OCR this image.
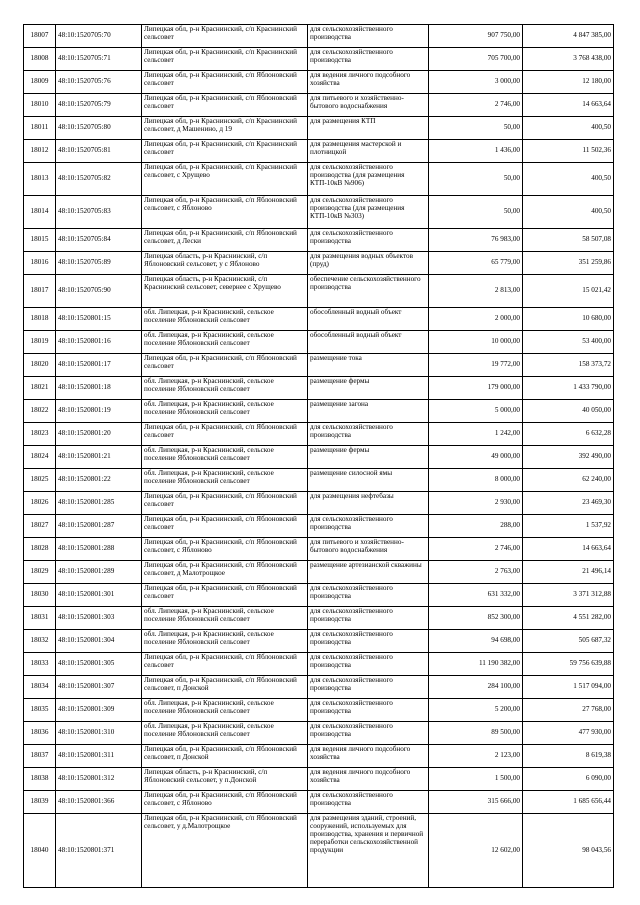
18007	48:10:1520705:70	Липецкая обл, р-н Краснинский, с/п Краснинский сельсовет	для сельскохозяйственного производства	907 750,00	4 847 385,00
18008	48:10:1520705:71	Липецкая обл, р-н Краснинский, с/п Краснинский сельсовет	для сельскохозяйственного производства	705 700,00	3 768 438,00
18009	48:10:1520705:76	Липецкая обл, р-н Краснинский, с/п Яблоновский сельсовет	для ведения личного подсобного хозяйства	3 000,00	12 180,00
18010	48:10:1520705:79	Липецкая обл, р-н Краснинский, с/п Яблоновский сельсовет	для питьевого и хозяйственно-бытового водоснабжения	2 746,00	14 663,64
18011	48:10:1520705:80	Липецкая обл, р-н Краснинский, с/п Краснинский сельсовет, д Машенино, д 19	для размещения КТП	50,00	400,50
18012	48:10:1520705:81	Липецкая обл, р-н Краснинский, с/п Краснинский сельсовет	для размещения мастерской и плотницкой	1 436,00	11 502,36
18013	48:10:1520705:82	Липецкая обл, р-н Краснинский, с/п Краснинский сельсовет, с Хрущево	для сельскохозяйственного производства (для размещения КТП-10кВ №906)	50,00	400,50
18014	48:10:1520705:83	Липецкая обл, р-н Краснинский, с/п Яблоновский сельсовет, с Яблоново	для сельскохозяйственного производства (для размещения КТП-10кВ №303)	50,00	400,50
18015	48:10:1520705:84	Липецкая обл, р-н Краснинский, с/п Яблоновский сельсовет, д Лески	для сельскохозяйственного производства	76 983,00	58 507,08
18016	48:10:1520705:89	Липецкая область, р-н Краснинский, с/п Яблоновский сельсовет, у с Яблоново	для размещения водных объектов (пруд)	65 779,00	351 259,86
18017	48:10:1520705:90	Липецкая область, р-н Краснинский, с/п Краснинский сельсовет, севернее с Хрущево	обеспечение сельскохозяйственного производства	2 813,00	15 021,42
18018	48:10:1520801:15	обл. Липецкая, р-н Краснинский, сельское поселение Яблоновский сельсовет	обособленный водный объект	2 000,00	10 680,00
18019	48:10:1520801:16	обл. Липецкая, р-н Краснинский, сельское поселение Яблоновский сельсовет	обособленный водный объект	10 000,00	53 400,00
18020	48:10:1520801:17	Липецкая обл, р-н Краснинский, с/п Яблоновский сельсовет	размещение тока	19 772,00	158 373,72
18021	48:10:1520801:18	обл. Липецкая, р-н Краснинский, сельское поселение Яблоновский сельсовет	размещение фермы	179 000,00	1 433 790,00
18022	48:10:1520801:19	обл. Липецкая, р-н Краснинский, сельское поселение Яблоновский сельсовет	размещение загона	5 000,00	40 050,00
18023	48:10:1520801:20	Липецкая обл, р-н Краснинский, с/п Яблоновский сельсовет	для сельскохозяйственного производства	1 242,00	6 632,28
18024	48:10:1520801:21	обл. Липецкая, р-н Краснинский, сельское поселение Яблоновский сельсовет	размещение фермы	49 000,00	392 490,00
18025	48:10:1520801:22	обл. Липецкая, р-н Краснинский, сельское поселение Яблоновский сельсовет	размещение силосной ямы	8 000,00	62 240,00
18026	48:10:1520801:285	Липецкая обл, р-н Краснинский, с/п Яблоновский сельсовет	для размещения нефтебазы	2 930,00	23 469,30
18027	48:10:1520801:287	Липецкая обл, р-н Краснинский, с/п Яблоновский сельсовет	для сельскохозяйственного производства	288,00	1 537,92
18028	48:10:1520801:288	Липецкая обл, р-н Краснинский, с/п Яблоновский сельсовет, с Яблоново	для питьевого и хозяйственно-бытового водоснабжения	2 746,00	14 663,64
18029	48:10:1520801:289	Липецкая обл, р-н Краснинский, с/п Яблоновский сельсовет, д Малотрощкое	размещение артезианской скважины	2 763,00	21 496,14
18030	48:10:1520801:301	Липецкая обл, р-н Краснинский, с/п Яблоновский сельсовет	для сельскохозяйственного производства	631 332,00	3 371 312,88
18031	48:10:1520801:303	обл. Липецкая, р-н Краснинский, сельское поселение Яблоновский сельсовет	для сельскохозяйственного производства	852 300,00	4 551 282,00
18032	48:10:1520801:304	обл. Липецкая, р-н Краснинский, сельское поселение Яблоновский сельсовет	для сельскохозяйственного производства	94 698,00	505 687,32
18033	48:10:1520801:305	Липецкая обл, р-н Краснинский, с/п Яблоновский сельсовет	для сельскохозяйственного производства	11 190 382,00	59 756 639,88
18034	48:10:1520801:307	Липецкая обл, р-н Краснинский, с/п Яблоновский сельсовет, п Донской	для сельскохозяйственного производства	284 100,00	1 517 094,00
18035	48:10:1520801:309	обл. Липецкая, р-н Краснинский, сельское поселение Яблоновский сельсовет	для сельскохозяйственного производства	5 200,00	27 768,00
18036	48:10:1520801:310	обл. Липецкая, р-н Краснинский, сельское поселение Яблоновский сельсовет	для сельскохозяйственного производства	89 500,00	477 930,00
18037	48:10:1520801:311	Липецкая обл, р-н Краснинский, с/п Яблоновский сельсовет, п Донской	для ведения личного подсобного хозяйства	2 123,00	8 619,38
18038	48:10:1520801:312	Липецкая область, р-н Краснинский, с/п Яблоновский сельсовет, у п.Донской	для ведения личного подсобного хозяйства	1 500,00	6 090,00
18039	48:10:1520801:366	Липецкая обл, р-н Краснинский, с/п Яблоновский сельсовет, с Яблоново	для сельскохозяйственного производства	315 666,00	1 685 656,44
18040	48:10:1520801:371	Липецкая обл, р-н Краснинский, с/п Яблоновский сельсовет, у д.Малотрощкое	для размещения зданий, строений, сооружений, используемых для производства, хранения и первичной переработки сельскохозяйственной продукции	12 602,00	98 043,56
